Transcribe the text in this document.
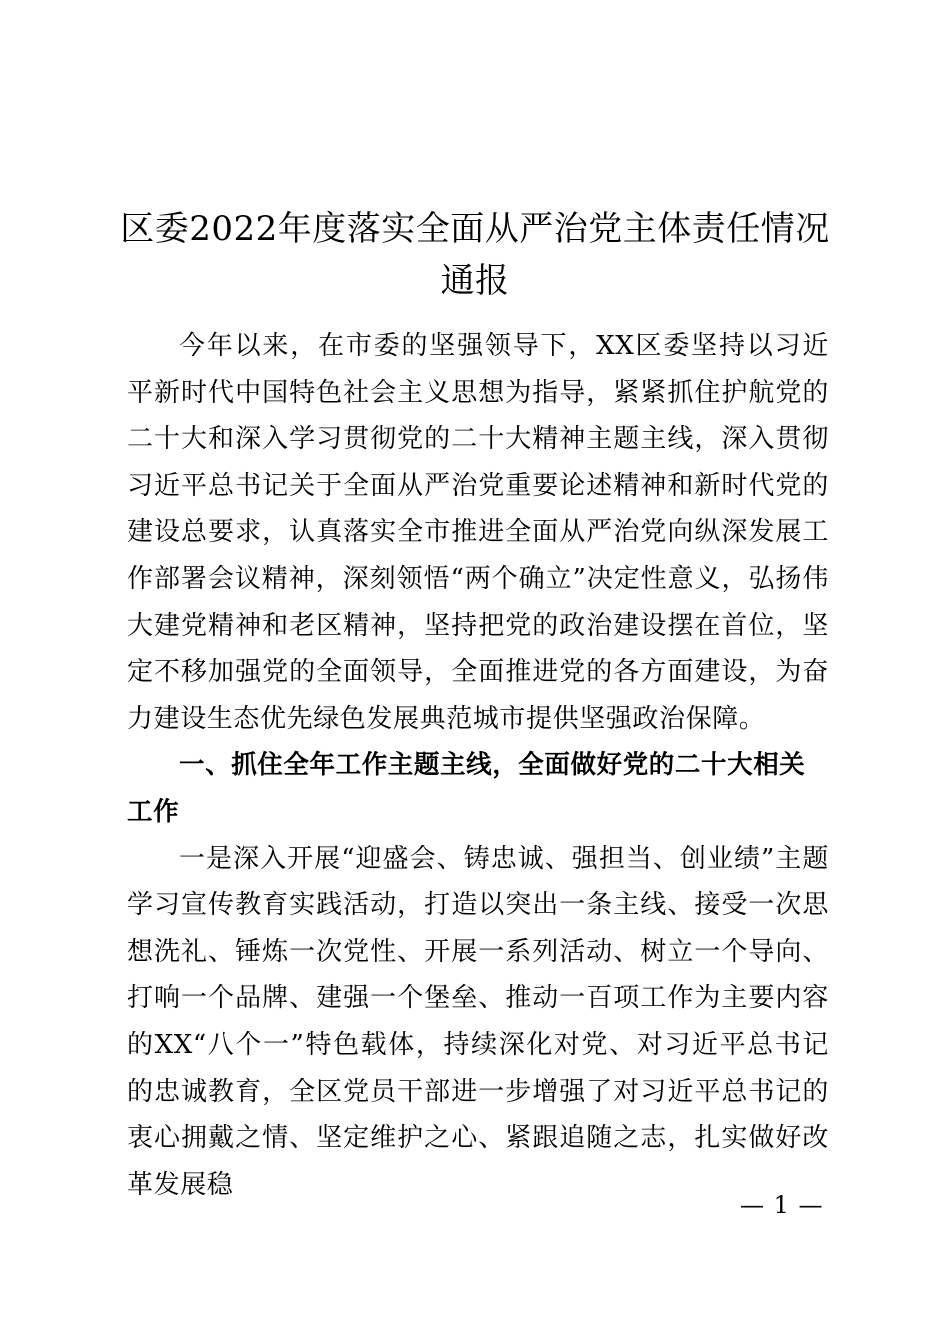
区委2022年度落实全面从严治党主体责任情况通报

今年以来，在市委的坚强领导下，XX区委坚持以习近平新时代中国特色社会主义思想为指导，紧紧抓住护航党的二十大和深入学习贯彻党的二十大精神主题主线，深入贯彻习近平总书记关于全面从严治党重要论述精神和新时代党的建设总要求，认真落实全市推进全面从严治党向纵深发展工作部署会议精神，深刻领悟“两个确立”决定性意义，弘扬伟大建党精神和老区精神，坚持把党的政治建设摆在首位，坚定不移加强党的全面领导，全面推进党的各方面建设，为奋力建设生态优先绿色发展典范城市提供坚强政治保障。

一、抓住全年工作主题主线，全面做好党的二十大相关工作

一是深入开展“迎盛会、铸忠诚、强担当、创业绩”主题学习宣传教育实践活动，打造以突出一条主线、接受一次思想洗礼、锤炼一次党性、开展一系列活动、树立一个导向、打响一个品牌、建强一个堡垒、推动一百项工作为主要内容的XX“八个一”特色载体，持续深化对党、对习近平总书记的忠诚教育，全区党员干部进一步增强了对习近平总书记的衷心拥戴之情、坚定维护之心、紧跟追随之志，扎实做好改革发展稳

— 1 —
